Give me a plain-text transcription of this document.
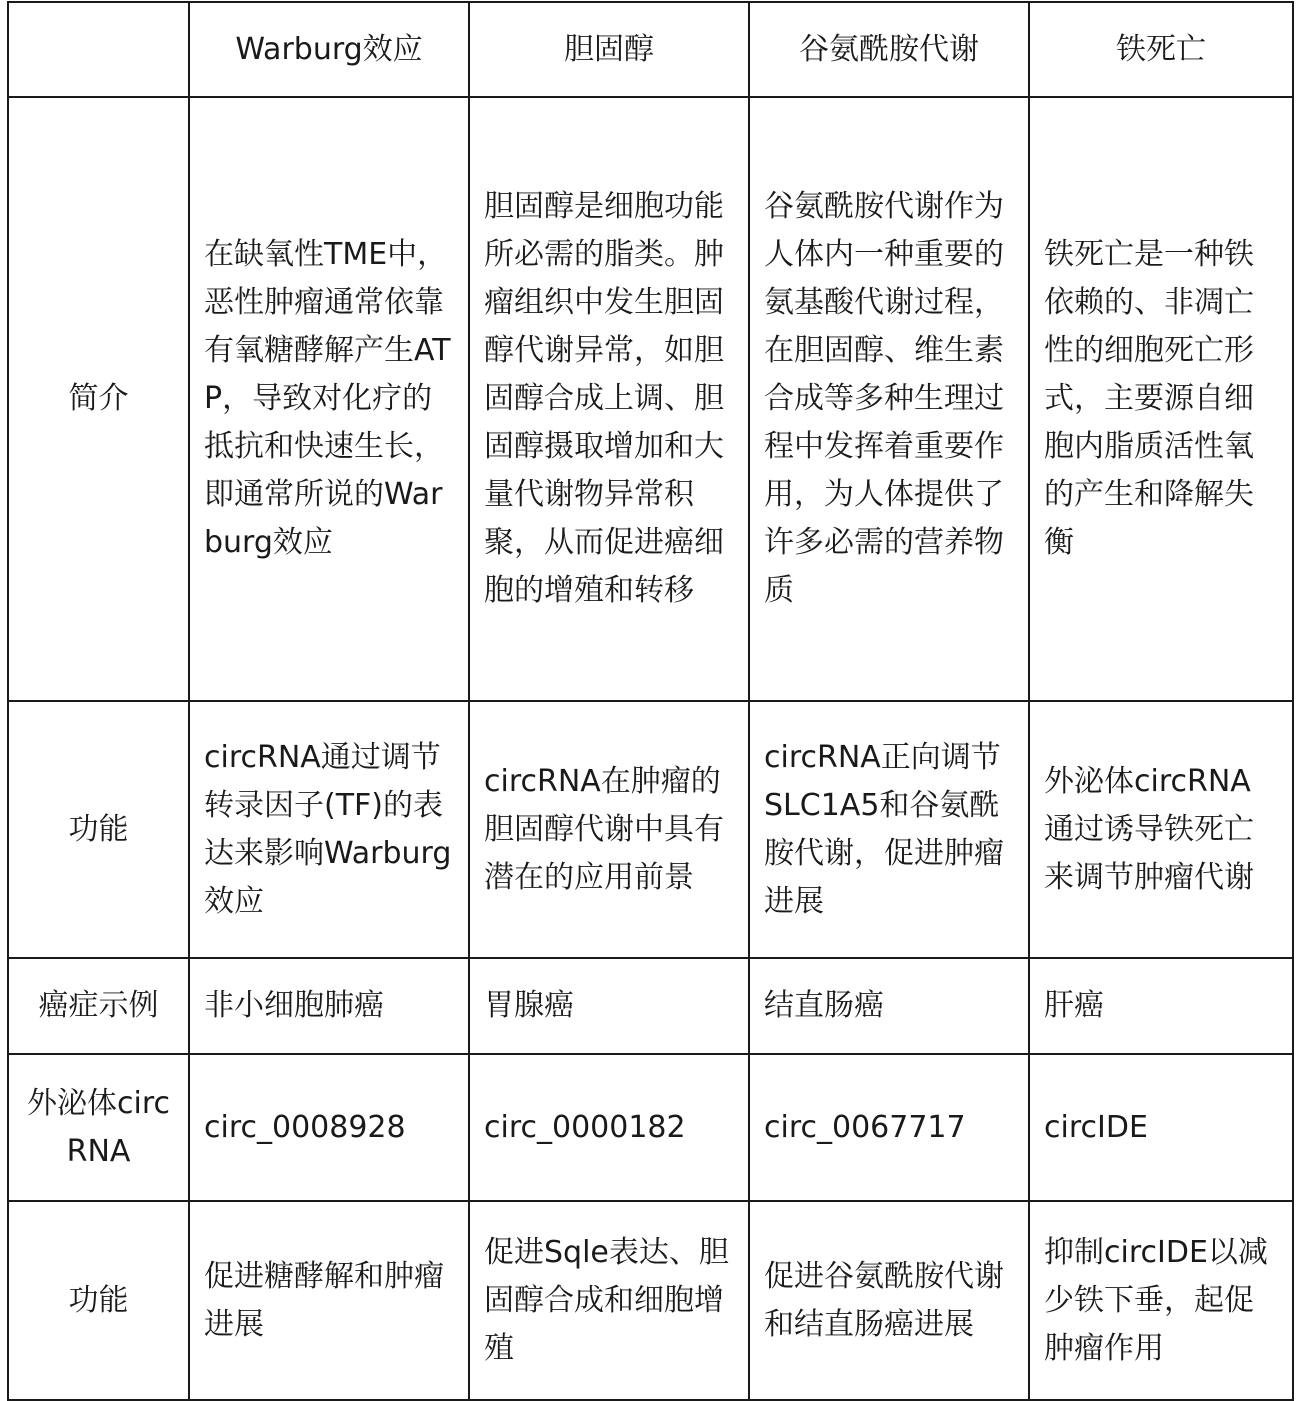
	Warburg效应	胆固醇	谷氨酰胺代谢	铁死亡
简介	在缺氧性TME中，恶性肿瘤通常依靠有氧糖酵解产生ATP，导致对化疗的抵抗和快速生长，即通常所说的Warburg效应	胆固醇是细胞功能所必需的脂类。肿瘤组织中发生胆固醇代谢异常，如胆固醇合成上调、胆固醇摄取增加和大量代谢物异常积聚，从而促进癌细胞的增殖和转移	谷氨酰胺代谢作为人体内一种重要的氨基酸代谢过程，在胆固醇、维生素合成等多种生理过程中发挥着重要作用，为人体提供了许多必需的营养物质	铁死亡是一种铁依赖的、非凋亡性的细胞死亡形式，主要源自细胞内脂质活性氧的产生和降解失衡
功能	circRNA通过调节转录因子(TF)的表达来影响Warburg效应	circRNA在肿瘤的胆固醇代谢中具有潜在的应用前景	circRNA正向调节SLC1A5和谷氨酰胺代谢，促进肿瘤进展	外泌体circRNA通过诱导铁死亡来调节肿瘤代谢
癌症示例	非小细胞肺癌	胃腺癌	结直肠癌	肝癌
外泌体circRNA	circ_0008928	circ_0000182	circ_0067717	circIDE
功能	促进糖酵解和肿瘤进展	促进Sqle表达、胆固醇合成和细胞增殖	促进谷氨酰胺代谢和结直肠癌进展	抑制circIDE以减少铁下垂，起促肿瘤作用
